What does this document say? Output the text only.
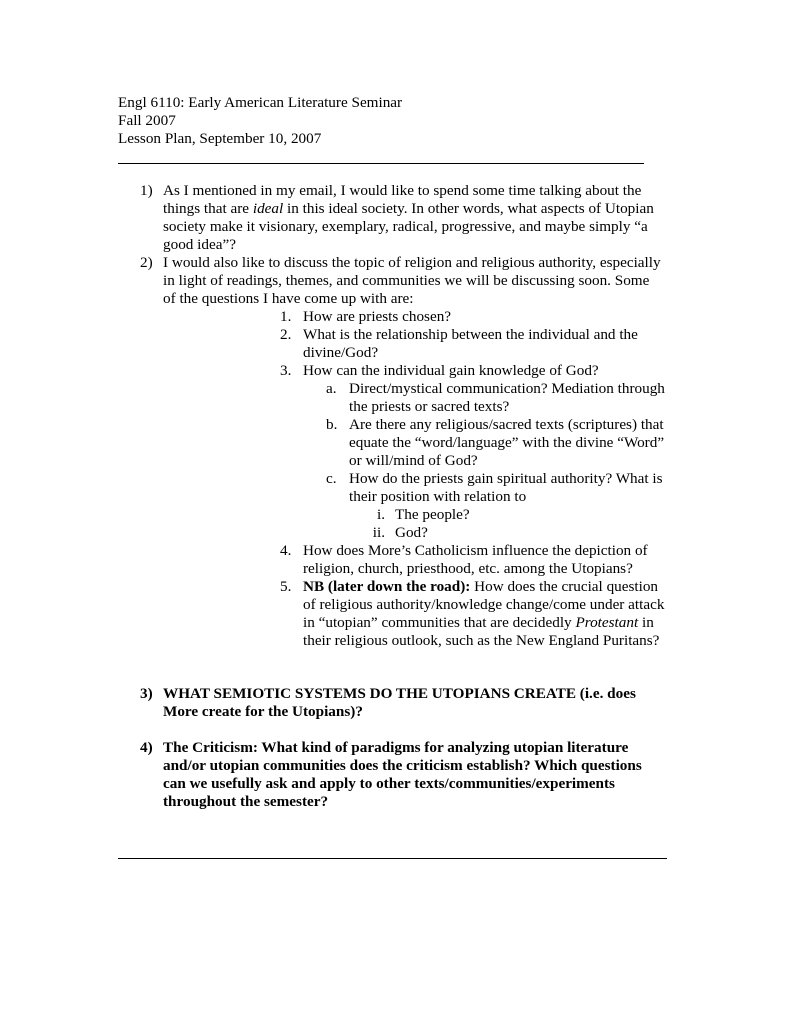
Engl 6110: Early American Literature Seminar
Fall 2007
Lesson Plan, September 10, 2007
1) As I mentioned in my email, I would like to spend some time talking about the
things that are ideal in this ideal society. In other words, what aspects of Utopian
society make it visionary, exemplary, radical, progressive, and maybe simply “a
good idea”?
2) I would also like to discuss the topic of religion and religious authority, especially
in light of readings, themes, and communities we will be discussing soon. Some
of the questions I have come up with are:
1. How are priests chosen?
2. What is the relationship between the individual and the
divine/God?
3. How can the individual gain knowledge of God?
a. Direct/mystical communication? Mediation through
the priests or sacred texts?
b. Are there any religious/sacred texts (scriptures) that
equate the “word/language” with the divine “Word”
or will/mind of God?
c. How do the priests gain spiritual authority? What is
their position with relation to
i. The people?
ii. God?
4. How does More’s Catholicism influence the depiction of
religion, church, priesthood, etc. among the Utopians?
5. NB (later down the road): How does the crucial question
of religious authority/knowledge change/come under attack
in “utopian” communities that are decidedly Protestant in
their religious outlook, such as the New England Puritans?
3) WHAT SEMIOTIC SYSTEMS DO THE UTOPIANS CREATE (i.e. does
More create for the Utopians)?
4) The Criticism: What kind of paradigms for analyzing utopian literature
and/or utopian communities does the criticism establish? Which questions
can we usefully ask and apply to other texts/communities/experiments
throughout the semester?
